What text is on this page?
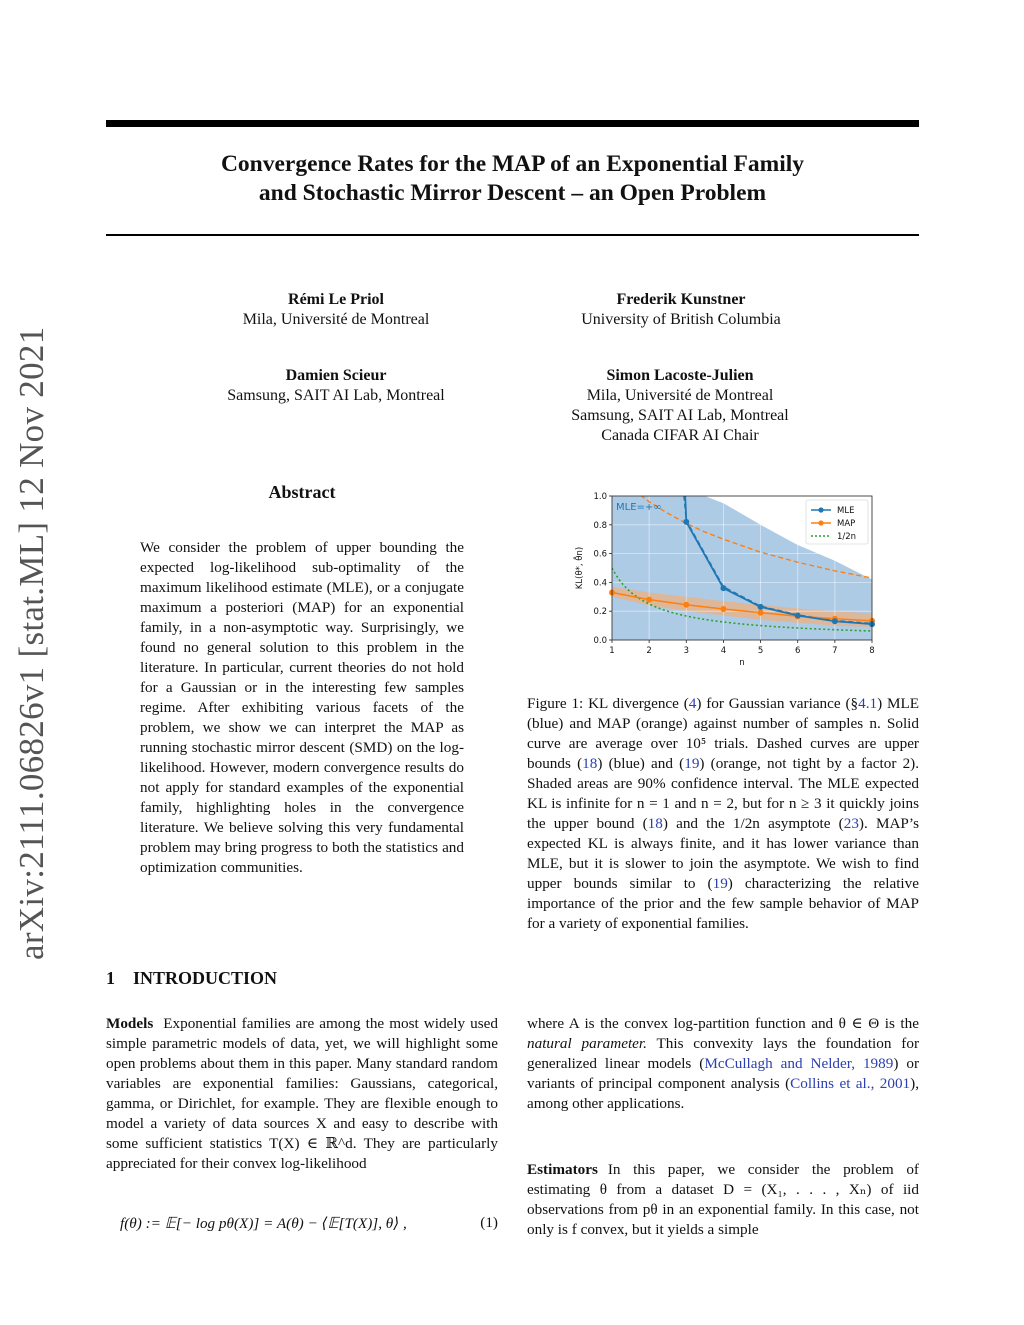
Convergence Rates for the MAP of an Exponential Family
and Stochastic Mirror Descent – an Open Problem
arXiv:2111.06826v1 [stat.ML] 12 Nov 2021
Rémi Le Priol
Mila, Université de Montreal
Frederik Kunstner
University of British Columbia
Damien Scieur
Samsung, SAIT AI Lab, Montreal
Simon Lacoste-Julien
Mila, Université de Montreal
Samsung, SAIT AI Lab, Montreal
Canada CIFAR AI Chair
Abstract
We consider the problem of upper bounding the expected log-likelihood sub-optimality of the maximum likelihood estimate (MLE), or a conjugate maximum a posteriori (MAP) for an exponential family, in a non-asymptotic way. Surprisingly, we found no general solution to this problem in the literature. In particular, current theories do not hold for a Gaussian or in the interesting few samples regime. After exhibiting various facets of the problem, we show we can interpret the MAP as running stochastic mirror descent (SMD) on the log-likelihood. However, modern convergence results do not apply for standard examples of the exponential family, highlighting holes in the convergence literature. We believe solving this very fundamental problem may bring progress to both the statistics and optimization communities.
1	2	3	4	5	6	7	8
0.0
0.2
0.4
0.6
0.8
1.0
n
KL(θ*, θ̂n)
MLE=+∞	MLE
MAP
1/2n
Figure 1: KL divergence (4) for Gaussian variance (§4.1) MLE (blue) and MAP (orange) against number of samples n. Solid curve are average over 10⁵ trials. Dashed curves are upper bounds (18) (blue) and (19) (orange, not tight by a factor 2). Shaded areas are 90% confidence interval. The MLE expected KL is infinite for n = 1 and n = 2, but for n ≥ 3 it quickly joins the upper bound (18) and the 1/2n asymptote (23). MAP’s expected KL is always finite, and it has lower variance than MLE, but it is slower to join the asymptote. We wish to find upper bounds similar to (19) characterizing the relative importance of the prior and the few sample behavior of MAP for a variety of exponential families.
1 INTRODUCTION
Models Exponential families are among the most widely used simple parametric models of data, yet, we will highlight some open problems about them in this paper. Many standard random variables are exponential families: Gaussians, categorical, gamma, or Dirichlet, for example. They are flexible enough to model a variety of data sources X and easy to describe with some sufficient statistics T(X) ∈ ℝ^d. They are particularly appreciated for their convex log-likelihood
f(θ) := 𝔼[− log pθ(X)] = A(θ) − ⟨𝔼[T(X)], θ⟩ ,	(1)
where A is the convex log-partition function and θ ∈ Θ is the natural parameter. This convexity lays the foundation for generalized linear models (McCullagh and Nelder, 1989) or variants of principal component analysis (Collins et al., 2001), among other applications.
Estimators In this paper, we consider the problem of estimating θ from a dataset D = (X₁, . . . , Xₙ) of iid observations from pθ in an exponential family. In this case, not only is f convex, but it yields a simple
